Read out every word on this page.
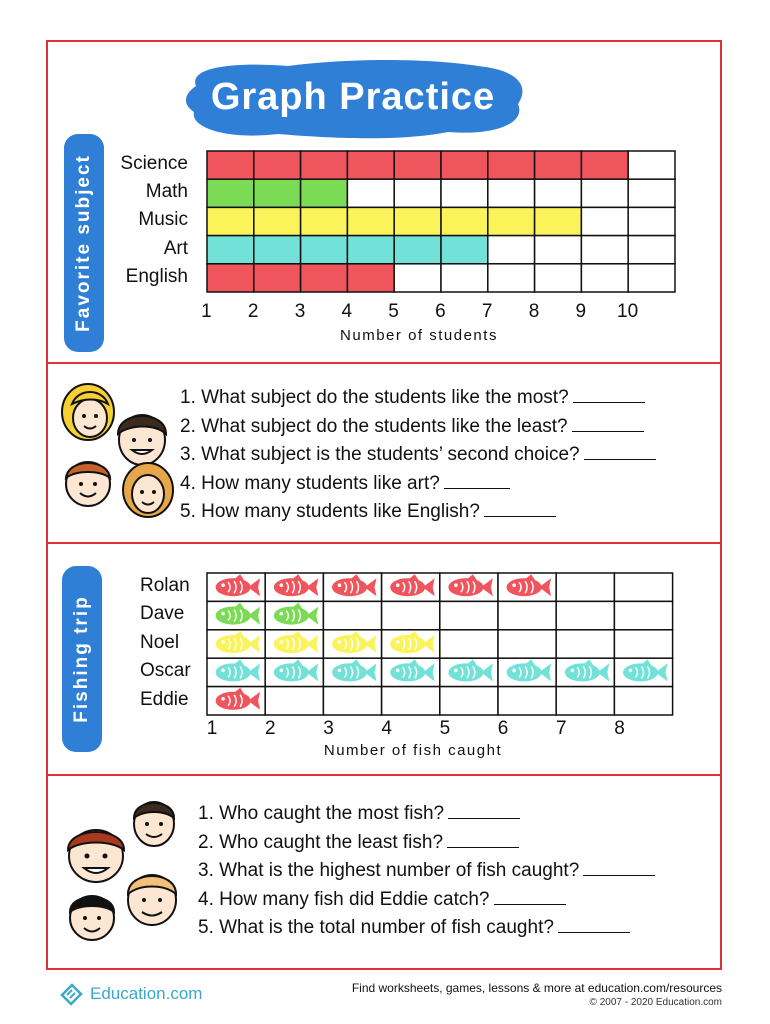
Graph Practice
Favorite subject Science
Math
Music
Art
English
1	2	3	4	5	6	7	8	9	10
Number of students
1. What subject do the students like the most?
2. What subject do the students like the least?
3. What subject is the students’ second choice?
4. How many students like art?
5. How many students like English?
Fishing trip
Rolan
Dave
Noel
Oscar
Eddie
1	2	3	4	5	6	7	8
Number of fish caught
1. Who caught the most fish?
2. Who caught the least fish?
3. What is the highest number of fish caught?
4. How many fish did Eddie catch?
5. What is the total number of fish caught?
Education.com	Find worksheets, games, lessons & more at education.com/resources
© 2007 - 2020 Education.com
